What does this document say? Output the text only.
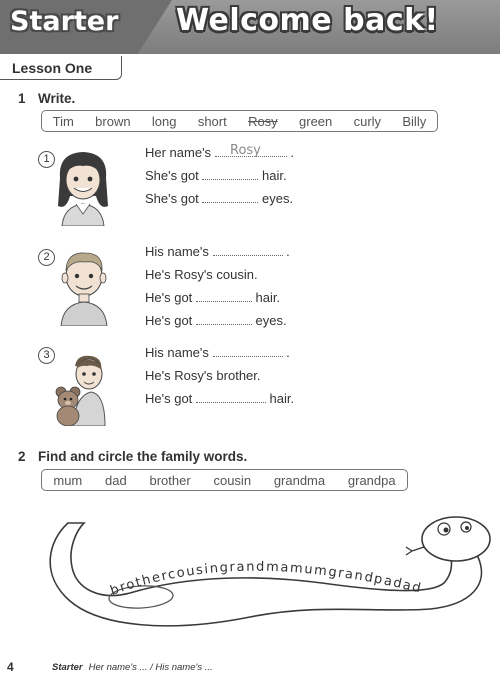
Starter Welcome back!
Lesson One
1 Write.
Tim brown long short Rosy green curly Billy
1	Her name's	.
Rosy
She's got	hair.
She's got	eyes.
2	His name's	.
He's Rosy's cousin.
He's got	hair.
He's got	eyes.
3	His name's	.
He's Rosy's brother.
He's got	hair.
2 Find and circle the family words.
mum dad brother cousin grandma grandpa
brothercousingrandmamumgrandpadad
4	Starter Her name's ... / His name's ...
